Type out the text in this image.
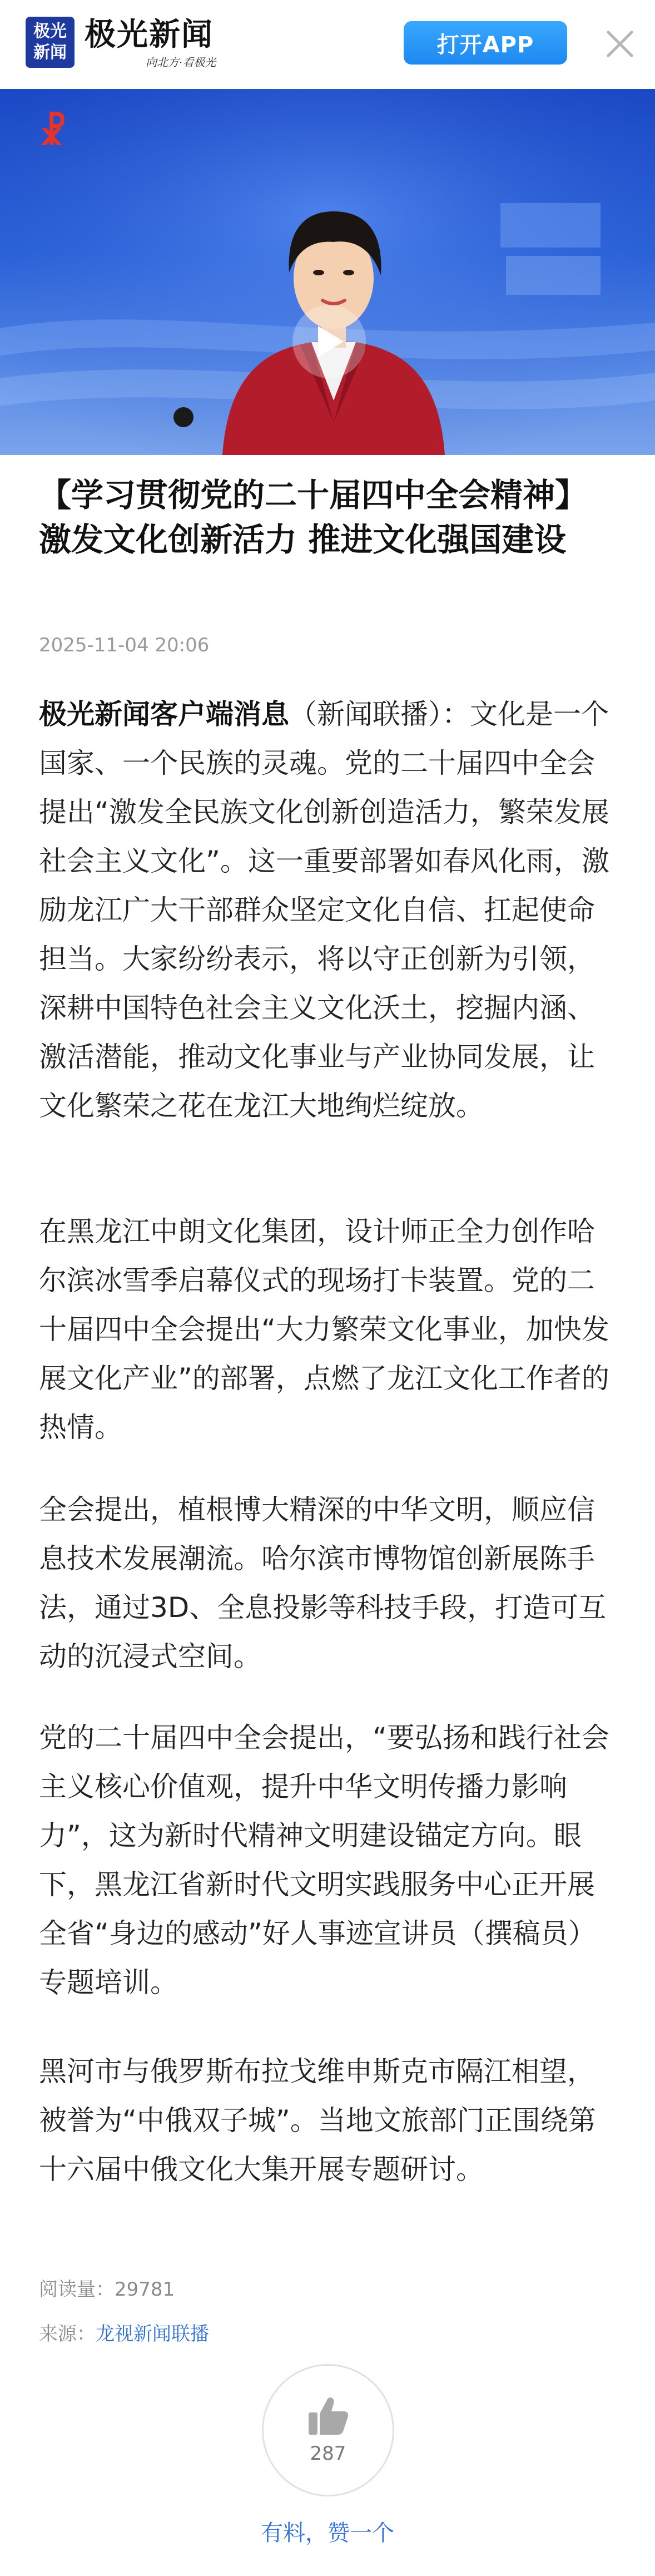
极光
新闻 极光新闻
向北方·看极光
打开APP
☧
【学习贯彻党的二十届四中全会精神】激发文化创新活力 推进文化强国建设
2025-11-04 20:06

极光新闻客户端消息（新闻联播）：文化是一个国家、一个民族的灵魂。党的二十届四中全会提出“激发全民族文化创新创造活力，繁荣发展社会主义文化”。这一重要部署如春风化雨，激励龙江广大干部群众坚定文化自信、扛起使命担当。大家纷纷表示，将以守正创新为引领，深耕中国特色社会主义文化沃土，挖掘内涵、激活潜能，推动文化事业与产业协同发展，让文化繁荣之花在龙江大地绚烂绽放。

在黑龙江中朗文化集团，设计师正全力创作哈尔滨冰雪季启幕仪式的现场打卡装置。党的二十届四中全会提出“大力繁荣文化事业，加快发展文化产业”的部署，点燃了龙江文化工作者的热情。

全会提出，植根博大精深的中华文明，顺应信息技术发展潮流。哈尔滨市博物馆创新展陈手法，通过3D、全息投影等科技手段，打造可互动的沉浸式空间。

党的二十届四中全会提出，“要弘扬和践行社会主义核心价值观，提升中华文明传播力影响力”，这为新时代精神文明建设锚定方向。眼下，黑龙江省新时代文明实践服务中心正开展全省“身边的感动”好人事迹宣讲员（撰稿员）专题培训。

黑河市与俄罗斯布拉戈维申斯克市隔江相望，被誉为“中俄双子城”。当地文旅部门正围绕第十六届中俄文化大集开展专题研讨。

阅读量：29781
来源：龙视新闻联播
287
有料，赞一个
